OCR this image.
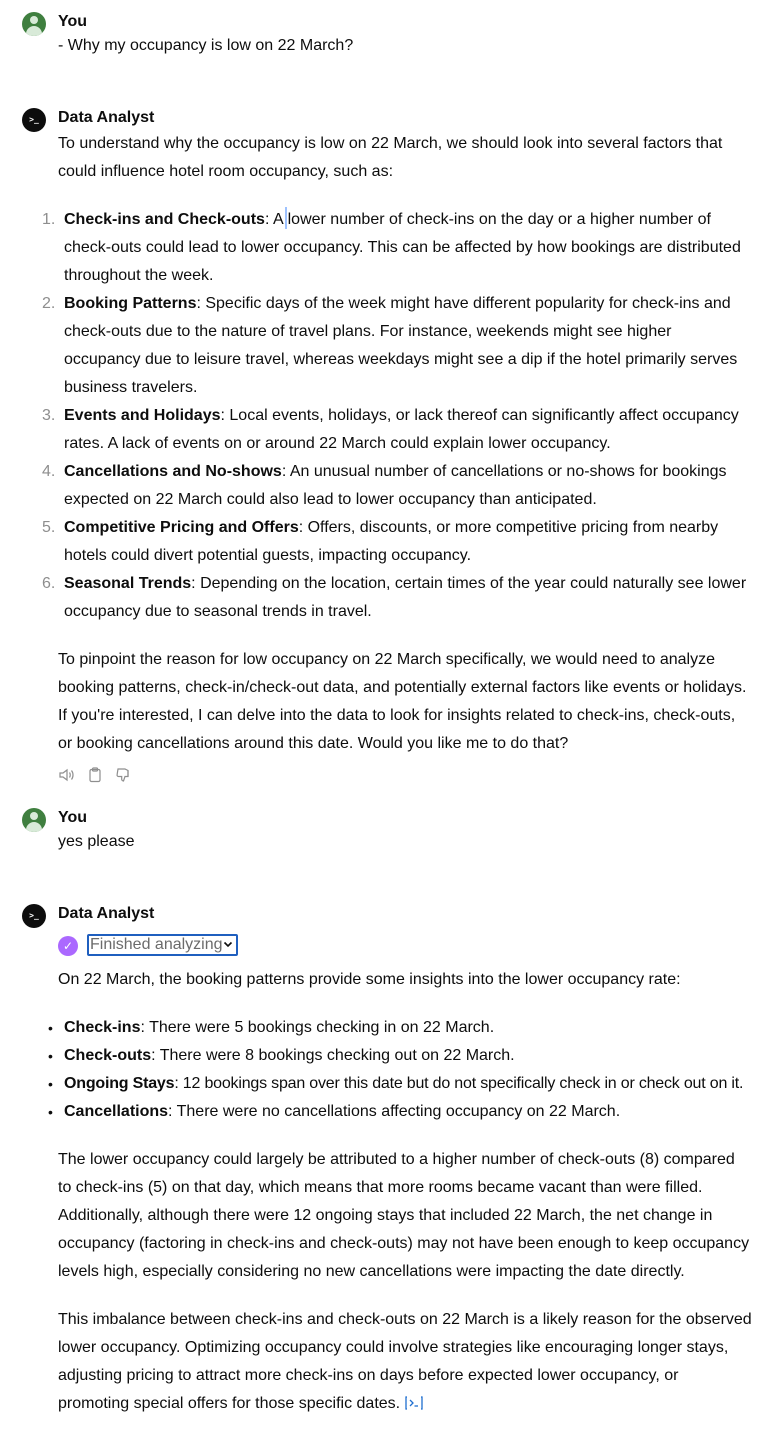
You
- Why my occupancy is low on 22 March?
>_	Data Analyst

To understand why the occupancy is low on 22 March, we should look into several factors that could influence hotel room occupancy, such as:

1. Check-ins and Check-outs: A lower number of check-ins on the day or a higher number of check-outs could lead to lower occupancy. This can be affected by how bookings are distributed throughout the week.
2. Booking Patterns: Specific days of the week might have different popularity for check-ins and check-outs due to the nature of travel plans. For instance, weekends might see higher occupancy due to leisure travel, whereas weekdays might see a dip if the hotel primarily serves business travelers.
3. Events and Holidays: Local events, holidays, or lack thereof can significantly affect occupancy rates. A lack of events on or around 22 March could explain lower occupancy.
4. Cancellations and No-shows: An unusual number of cancellations or no-shows for bookings expected on 22 March could also lead to lower occupancy than anticipated.
5. Competitive Pricing and Offers: Offers, discounts, or more competitive pricing from nearby hotels could divert potential guests, impacting occupancy.
6. Seasonal Trends: Depending on the location, certain times of the year could naturally see lower occupancy due to seasonal trends in travel.

To pinpoint the reason for low occupancy on 22 March specifically, we would need to analyze booking patterns, check-in/check-out data, and potentially external factors like events or holidays. If you're interested, I can delve into the data to look for insights related to check-ins, check-outs, or booking cancellations around this date. Would you like me to do that?

You
yes please
>_	Data Analyst
✓	Finished analyzing

On 22 March, the booking patterns provide some insights into the lower occupancy rate:

• Check-ins: There were 5 bookings checking in on 22 March.
• Check-outs: There were 8 bookings checking out on 22 March.
• Ongoing Stays: 12 bookings span over this date but do not specifically check in or check out on it.
• Cancellations: There were no cancellations affecting occupancy on 22 March.

The lower occupancy could largely be attributed to a higher number of check-outs (8) compared to check-ins (5) on that day, which means that more rooms became vacant than were filled. Additionally, although there were 12 ongoing stays that included 22 March, the net change in occupancy (factoring in check-ins and check-outs) may not have been enough to keep occupancy levels high, especially considering no new cancellations were impacting the date directly.

This imbalance between check-ins and check-outs on 22 March is a likely reason for the observed lower occupancy. Optimizing occupancy could involve strategies like encouraging longer stays, adjusting pricing to attract more check-ins on days before expected lower occupancy, or promoting special offers for those specific dates.
